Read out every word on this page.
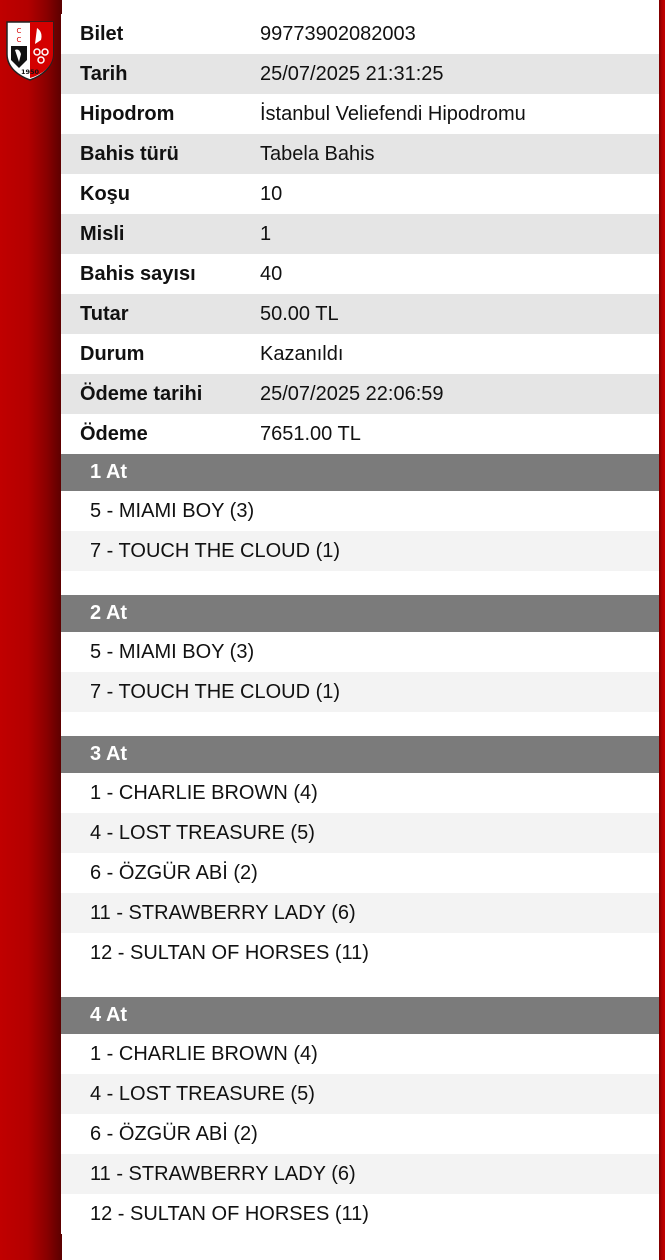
C
C
1950
Bilet	99773902082003
Tarih	25/07/2025 21:31:25
Hipodrom	İstanbul Veliefendi Hipodromu
Bahis türü	Tabela Bahis
Koşu	10
Misli	1
Bahis sayısı	40
Tutar	50.00 TL
Durum	Kazanıldı
Ödeme tarihi	25/07/2025 22:06:59
Ödeme	7651.00 TL
1 At
5 - MIAMI BOY (3)
7 - TOUCH THE CLOUD (1)
2 At
5 - MIAMI BOY (3)
7 - TOUCH THE CLOUD (1)
3 At
1 - CHARLIE BROWN (4)
4 - LOST TREASURE (5)
6 - ÖZGÜR ABİ (2)
11 - STRAWBERRY LADY (6)
12 - SULTAN OF HORSES (11)
4 At
1 - CHARLIE BROWN (4)
4 - LOST TREASURE (5)
6 - ÖZGÜR ABİ (2)
11 - STRAWBERRY LADY (6)
12 - SULTAN OF HORSES (11)
